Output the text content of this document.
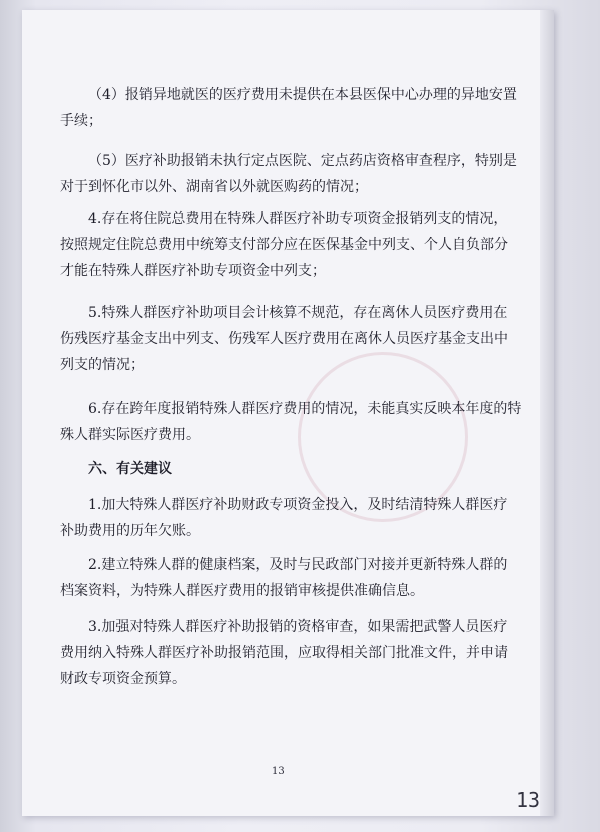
（4）报销异地就医的医疗费用未提供在本县医保中心办理的异地安置
手续；

（5）医疗补助报销未执行定点医院、定点药店资格审查程序，特别是
对于到怀化市以外、湖南省以外就医购药的情况；

4.存在将住院总费用在特殊人群医疗补助专项资金报销列支的情况，
按照规定住院总费用中统筹支付部分应在医保基金中列支、个人自负部分
才能在特殊人群医疗补助专项资金中列支；

5.特殊人群医疗补助项目会计核算不规范，存在离休人员医疗费用在
伤残医疗基金支出中列支、伤残军人医疗费用在离休人员医疗基金支出中
列支的情况；

6.存在跨年度报销特殊人群医疗费用的情况，未能真实反映本年度的特
殊人群实际医疗费用。

六、有关建议

1.加大特殊人群医疗补助财政专项资金投入，及时结清特殊人群医疗
补助费用的历年欠账。

2.建立特殊人群的健康档案，及时与民政部门对接并更新特殊人群的
档案资料，为特殊人群医疗费用的报销审核提供准确信息。

3.加强对特殊人群医疗补助报销的资格审查，如果需把武警人员医疗
费用纳入特殊人群医疗补助报销范围，应取得相关部门批准文件，并申请
财政专项资金预算。

13
13
